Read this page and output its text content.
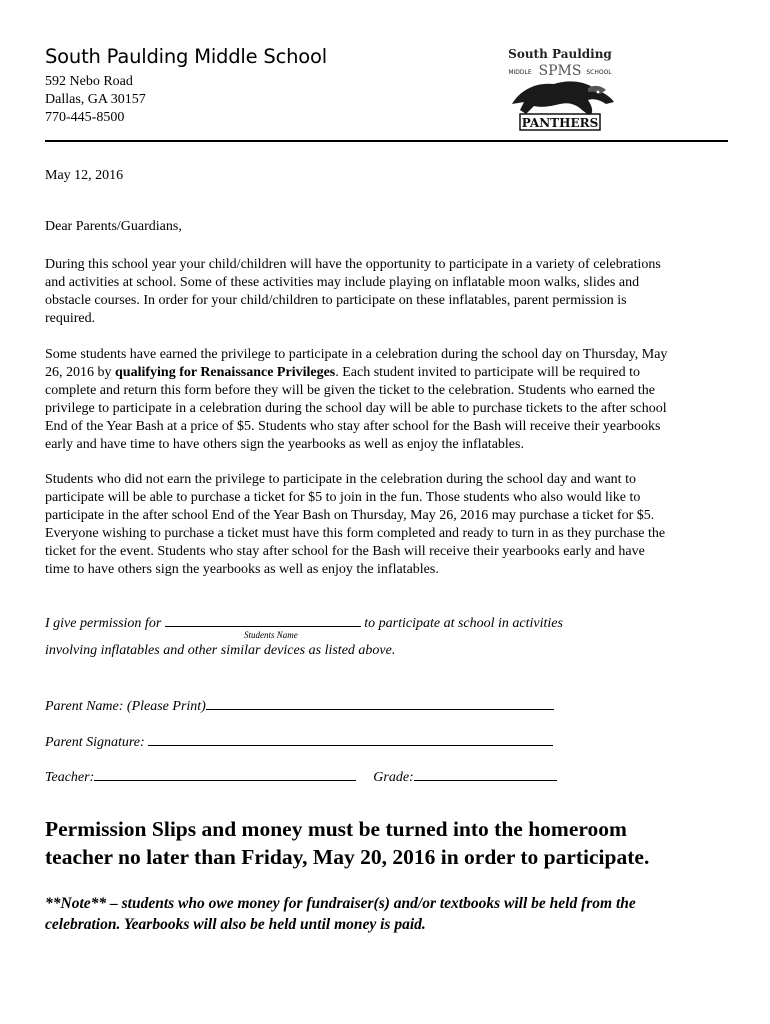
South Paulding Middle School
592 Nebo Road
Dallas, GA 30157
770-445-8500
South Paulding
MIDDLE	SCHOOL
SPMS
PANTHERS
May 12, 2016
Dear Parents/Guardians,
During this school year your child/children will have the opportunity to participate in a variety of celebrations
and activities at school. Some of these activities may include playing on inflatable moon walks, slides and
obstacle courses. In order for your child/children to participate on these inflatables, parent permission is
required.
Some students have earned the privilege to participate in a celebration during the school day on Thursday, May
26, 2016 by qualifying for Renaissance Privileges. Each student invited to participate will be required to
complete and return this form before they will be given the ticket to the celebration. Students who earned the
privilege to participate in a celebration during the school day will be able to purchase tickets to the after school
End of the Year Bash at a price of $5. Students who stay after school for the Bash will receive their yearbooks
early and have time to have others sign the yearbooks as well as enjoy the inflatables.
Students who did not earn the privilege to participate in the celebration during the school day and want to
participate will be able to purchase a ticket for $5 to join in the fun. Those students who also would like to
participate in the after school End of the Year Bash on Thursday, May 26, 2016 may purchase a ticket for $5.
Everyone wishing to purchase a ticket must have this form completed and ready to turn in as they purchase the
ticket for the event. Students who stay after school for the Bash will receive their yearbooks early and have
time to have others sign the yearbooks as well as enjoy the inflatables.
I give permission for	to participate at school in activities
Students Name
involving inflatables and other similar devices as listed above.
Parent Name: (Please Print)
Parent Signature:
Teacher:	Grade:
Permission Slips and money must be turned into the homeroom
teacher no later than Friday, May 20, 2016 in order to participate.
**Note** – students who owe money for fundraiser(s) and/or textbooks will be held from the
celebration. Yearbooks will also be held until money is paid.
